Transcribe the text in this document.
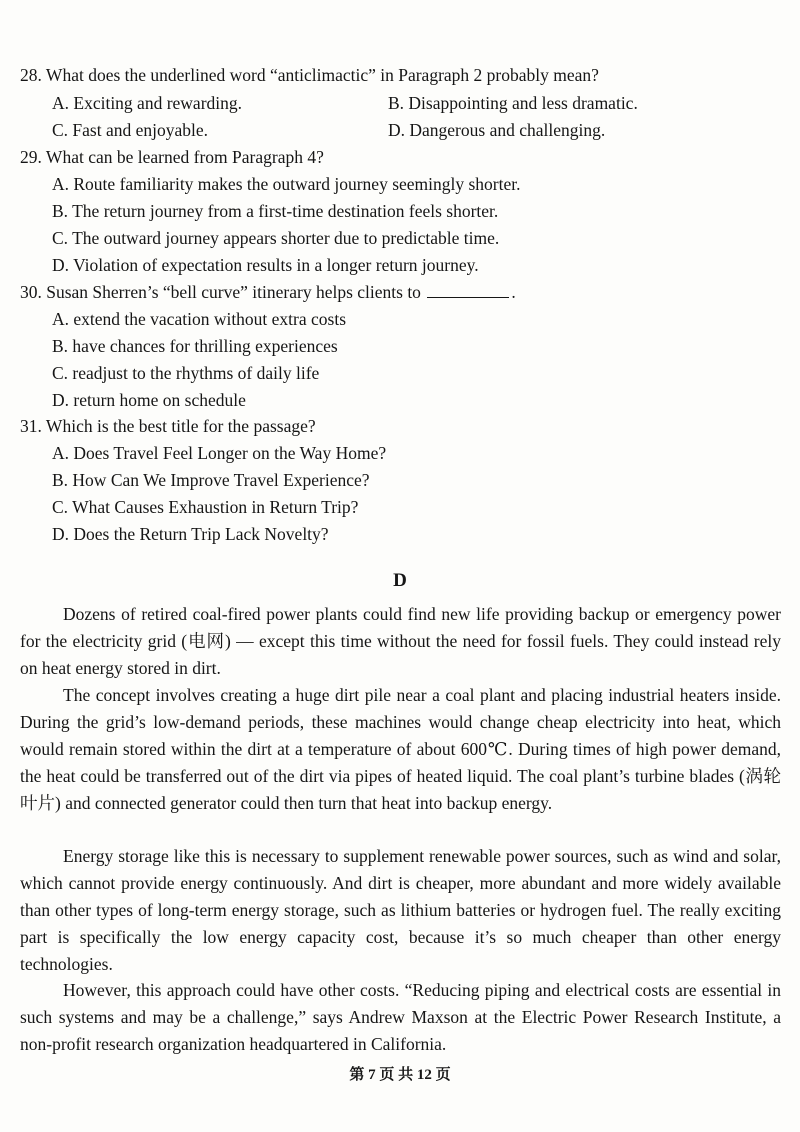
28. What does the underlined word “anticlimactic” in Paragraph 2 probably mean?
A. Exciting and rewarding.	B. Disappointing and less dramatic.
C. Fast and enjoyable.	D. Dangerous and challenging.
29. What can be learned from Paragraph 4?
A. Route familiarity makes the outward journey seemingly shorter.
B. The return journey from a first-time destination feels shorter.
C. The outward journey appears shorter due to predictable time.
D. Violation of expectation results in a longer return journey.
30. Susan Sherren’s “bell curve” itinerary helps clients to	.
A. extend the vacation without extra costs
B. have chances for thrilling experiences
C. readjust to the rhythms of daily life
D. return home on schedule
31. Which is the best title for the passage?
A. Does Travel Feel Longer on the Way Home?
B. How Can We Improve Travel Experience?
C. What Causes Exhaustion in Return Trip?
D. Does the Return Trip Lack Novelty?
D
Dozens of retired coal-fired power plants could find new life providing backup or emergency power for the electricity grid (电网) — except this time without the need for fossil fuels. They could instead rely on heat energy stored in dirt.
The concept involves creating a huge dirt pile near a coal plant and placing industrial heaters inside. During the grid’s low-demand periods, these machines would change cheap electricity into heat, which would remain stored within the dirt at a temperature of about 600℃. During times of high power demand, the heat could be transferred out of the dirt via pipes of heated liquid. The coal plant’s turbine blades (涡轮叶片) and connected generator could then turn that heat into backup energy.
Energy storage like this is necessary to supplement renewable power sources, such as wind and solar, which cannot provide energy continuously. And dirt is cheaper, more abundant and more widely available than other types of long-term energy storage, such as lithium batteries or hydrogen fuel. The really exciting part is specifically the low energy capacity cost, because it’s so much cheaper than other energy technologies.
However, this approach could have other costs. “Reducing piping and electrical costs are essential in such systems and may be a challenge,” says Andrew Maxson at the Electric Power Research Institute, a non-profit research organization headquartered in California.
第 7 页 共 12 页
